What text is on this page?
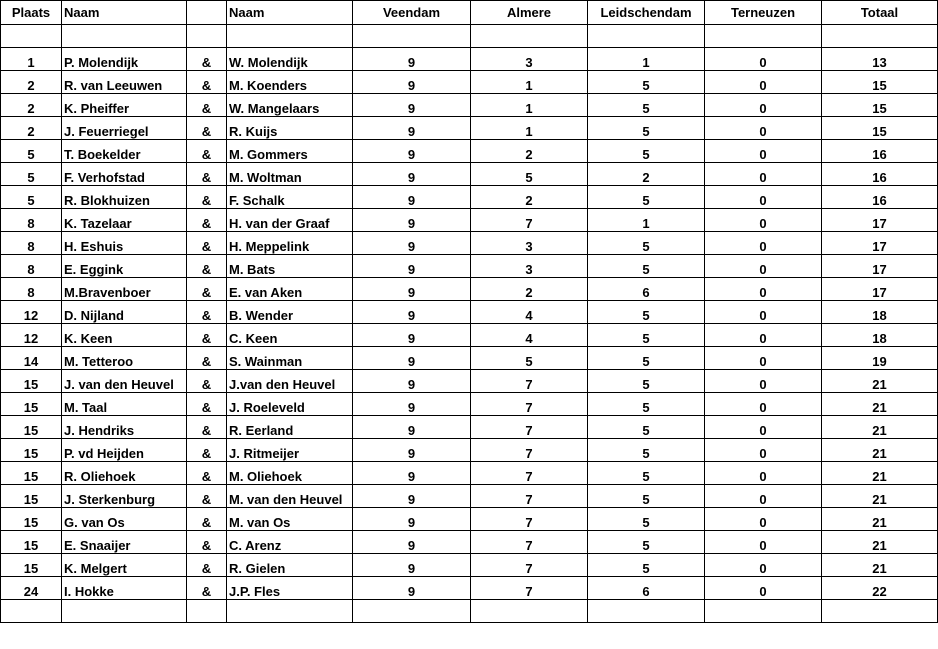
Plaats	Naam		Naam	Veendam	Almere	Leidschendam	Terneuzen	Totaal

1	P. Molendijk	&	W. Molendijk	9	3	1	0	13
2	R. van Leeuwen	&	M. Koenders	9	1	5	0	15
2	K. Pheiffer	&	W. Mangelaars	9	1	5	0	15
2	J. Feuerriegel	&	R. Kuijs	9	1	5	0	15
5	T. Boekelder	&	M. Gommers	9	2	5	0	16
5	F. Verhofstad	&	M. Woltman	9	5	2	0	16
5	R. Blokhuizen	&	F. Schalk	9	2	5	0	16
8	K. Tazelaar	&	H. van der Graaf	9	7	1	0	17
8	H. Eshuis	&	H. Meppelink	9	3	5	0	17
8	E. Eggink	&	M. Bats	9	3	5	0	17
8	M.Bravenboer	&	E. van Aken	9	2	6	0	17
12	D. Nijland	&	B. Wender	9	4	5	0	18
12	K. Keen	&	C. Keen	9	4	5	0	18
14	M. Tetteroo	&	S. Wainman	9	5	5	0	19
15	J. van den Heuvel	&	J.van den Heuvel	9	7	5	0	21
15	M. Taal	&	J. Roeleveld	9	7	5	0	21
15	J. Hendriks	&	R. Eerland	9	7	5	0	21
15	P. vd Heijden	&	J. Ritmeijer	9	7	5	0	21
15	R. Oliehoek	&	M. Oliehoek	9	7	5	0	21
15	J. Sterkenburg	&	M. van den Heuvel	9	7	5	0	21
15	G. van Os	&	M. van Os	9	7	5	0	21
15	E. Snaaijer	&	C. Arenz	9	7	5	0	21
15	K. Melgert	&	R. Gielen	9	7	5	0	21
24	I. Hokke	&	J.P. Fles	9	7	6	0	22
